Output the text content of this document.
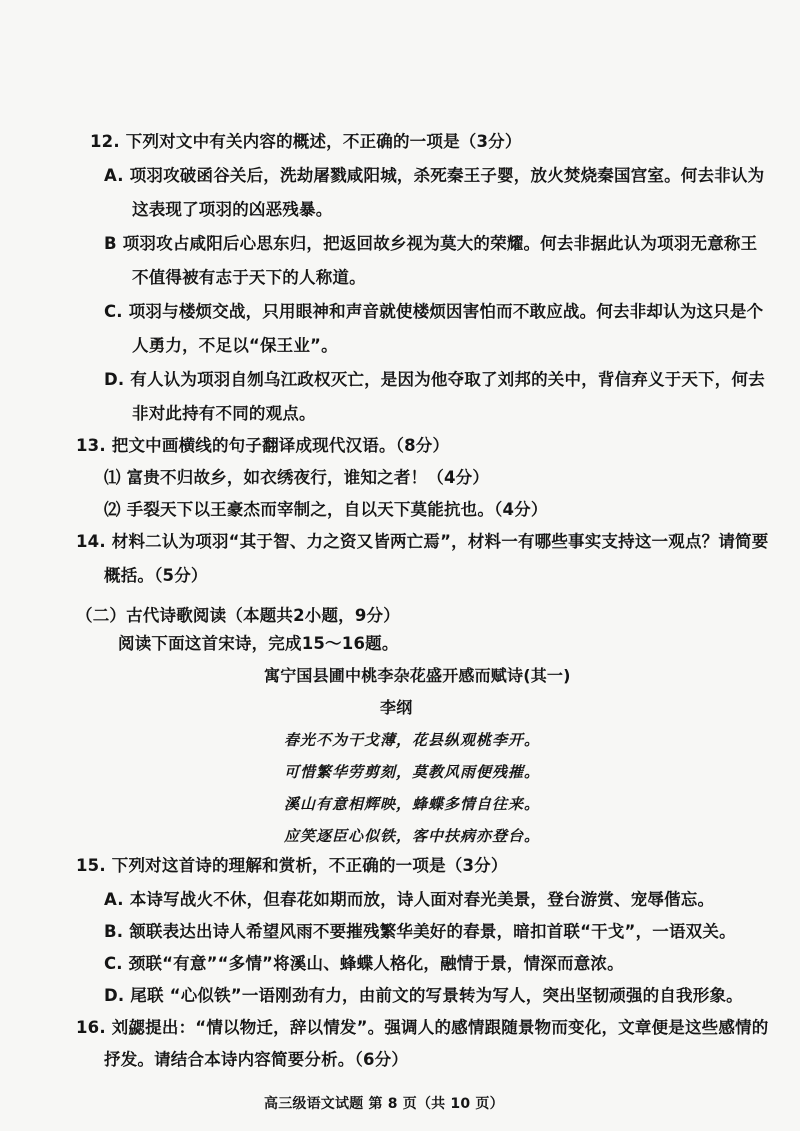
12. 下列对文中有关内容的概述，不正确的一项是（3分）
A. 项羽攻破函谷关后，洗劫屠戮咸阳城，杀死秦王子婴，放火焚烧秦国宫室。何去非认为
这表现了项羽的凶恶残暴。
B 项羽攻占咸阳后心思东归，把返回故乡视为莫大的荣耀。何去非据此认为项羽无意称王
不值得被有志于天下的人称道。
C. 项羽与楼烦交战，只用眼神和声音就使楼烦因害怕而不敢应战。何去非却认为这只是个
人勇力，不足以“保王业”。
D. 有人认为项羽自刎乌江政权灭亡，是因为他夺取了刘邦的关中，背信弃义于天下，何去
非对此持有不同的观点。
13. 把文中画横线的句子翻译成现代汉语。（8分）
⑴ 富贵不归故乡，如衣绣夜行，谁知之者！（4分）
⑵ 手裂天下以王豪杰而宰制之，自以天下莫能抗也。（4分）
14. 材料二认为项羽“其于智、力之资又皆两亡焉”，材料一有哪些事实支持这一观点？请简要
概括。（5分）
（二）古代诗歌阅读（本题共2小题，9分）
阅读下面这首宋诗，完成15～16题。
寓宁国县圃中桃李杂花盛开感而赋诗(其一)
李纲
春光不为干戈薄，花县纵观桃李开。
可惜繁华劳剪刻，莫教风雨便残摧。
溪山有意相辉映，蜂蝶多情自往来。
应笑逐臣心似铁，客中扶病亦登台。
15. 下列对这首诗的理解和赏析，不正确的一项是（3分）
A. 本诗写战火不休，但春花如期而放，诗人面对春光美景，登台游赏、宠辱偕忘。
B. 颔联表达出诗人希望风雨不要摧残繁华美好的春景，暗扣首联“干戈”，一语双关。
C. 颈联“有意”“多情”将溪山、蜂蝶人格化，融情于景，情深而意浓。
D. 尾联 “心似铁”一语刚劲有力，由前文的写景转为写人，突出坚韧顽强的自我形象。
16. 刘勰提出：“情以物迁，辞以情发”。强调人的感情跟随景物而变化，文章便是这些感情的
抒发。请结合本诗内容简要分析。（6分）
高三级语文试题 第 8 页（共 10 页）
